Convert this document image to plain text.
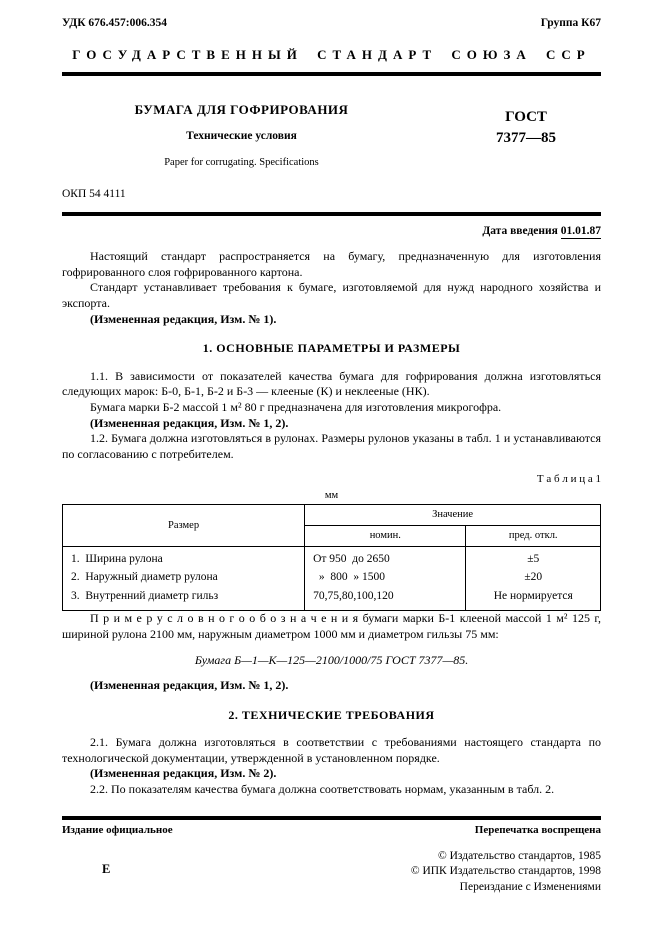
УДК 676.457:006.354	Группа К67
ГОСУДАРСТВЕННЫЙ СТАНДАРТ СОЮЗА ССР
БУМАГА ДЛЯ ГОФРИРОВАНИЯ
Технические условия
Paper for corrugating. Specifications
ГОСТ
7377—85
ОКП 54 4111
Дата введения 01.01.87

Настоящий стандарт распространяется на бумагу, предназначенную для изготовления гофрированного слоя гофрированного картона.

Стандарт устанавливает требования к бумаге, изготовляемой для нужд народного хозяйства и экспорта.

(Измененная редакция, Изм. № 1).

1. ОСНОВНЫЕ ПАРАМЕТРЫ И РАЗМЕРЫ

1.1. В зависимости от показателей качества бумага для гофрирования должна изготовляться следующих марок: Б-0, Б-1, Б-2 и Б-3 — клееные (К) и неклееные (НК).

Бумага марки Б-2 массой 1 м² 80 г предназначена для изготовления микрогофра.

(Измененная редакция, Изм. № 1, 2).

1.2. Бумага должна изготовляться в рулонах. Размеры рулонов указаны в табл. 1 и устанавливаются по согласованию с потребителем.

Т а б л и ц а 1
мм
Размер	Значение	
	номин.	пред. откл.
1.  Ширина рулона	От 950  до 2650	±5
2.  Наружный диаметр рулона	»  800  » 1500	±20
3.  Внутренний диаметр гильз	70,75,80,100,120	Не нормируется

П р и м е р у с л о в н о г о о б о з н а ч е н и я бумаги марки Б-1 клееной массой 1 м² 125 г, шириной рулона 2100 мм, наружным диаметром 1000 мм и диаметром гильзы 75 мм:

Бумага Б—1—К—125—2100/1000/75 ГОСТ 7377—85.

(Измененная редакция, Изм. № 1, 2).

2. ТЕХНИЧЕСКИЕ ТРЕБОВАНИЯ

2.1. Бумага должна изготовляться в соответствии с требованиями настоящего стандарта по технологической документации, утвержденной в установленном порядке.

(Измененная редакция, Изм. № 2).

2.2. По показателям качества бумага должна соответствовать нормам, указанным в табл. 2.

Издание официальное	Перепечатка воспрещена
Е
© Издательство стандартов, 1985
© ИПК Издательство стандартов, 1998
Переиздание с Изменениями
